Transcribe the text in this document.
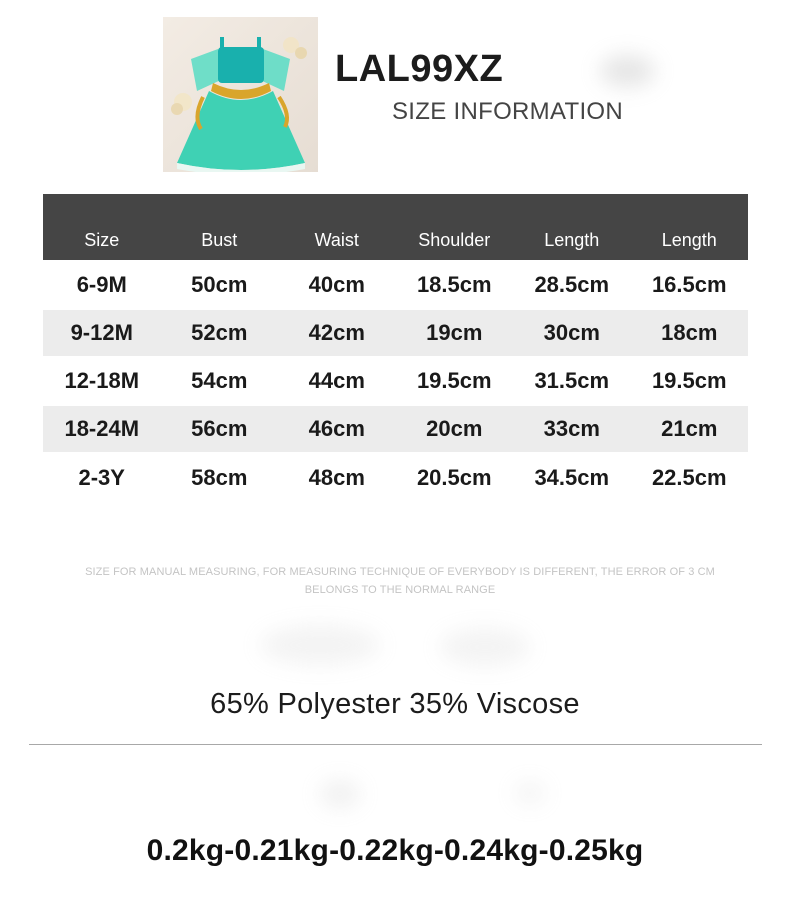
LAL99XZ
SIZE INFORMATION
Size	Bust	Waist	Shoulder	Length	Length
6-9M	50cm	40cm	18.5cm	28.5cm	16.5cm
9-12M	52cm	42cm	19cm	30cm	18cm
12-18M	54cm	44cm	19.5cm	31.5cm	19.5cm
18-24M	56cm	46cm	20cm	33cm	21cm
2-3Y	58cm	48cm	20.5cm	34.5cm	22.5cm
SIZE FOR MANUAL MEASURING, FOR MEASURING TECHNIQUE OF EVERYBODY IS DIFFERENT, THE ERROR OF 3 CM
BELONGS TO THE NORMAL RANGE
65% Polyester 35% Viscose
0.2kg-0.21kg-0.22kg-0.24kg-0.25kg
